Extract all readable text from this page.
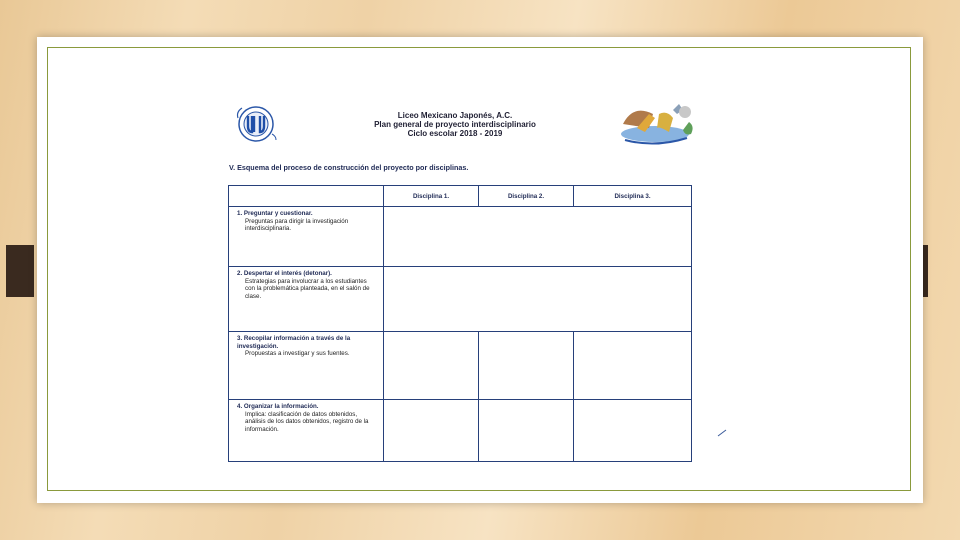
Liceo Mexicano Japonés, A.C.
Plan general de proyecto interdisciplinario
Ciclo escolar 2018 - 2019
V. Esquema del proceso de construcción del proyecto por disciplinas.
	Disciplina 1.	Disciplina 2.	Disciplina 3.
1. Preguntar y cuestionar.
Preguntas para dirigir la investigación interdisciplinaria.			

2. Despertar el interés (detonar).
Estrategias para involucrar a los estudiantes con la problemática planteada, en el salón de clase.			

3. Recopilar información a través de la investigación.
Propuestas a investigar y sus fuentes.			

4. Organizar la información.
Implica: clasificación de datos obtenidos, análisis de los datos obtenidos, registro de la información.			
